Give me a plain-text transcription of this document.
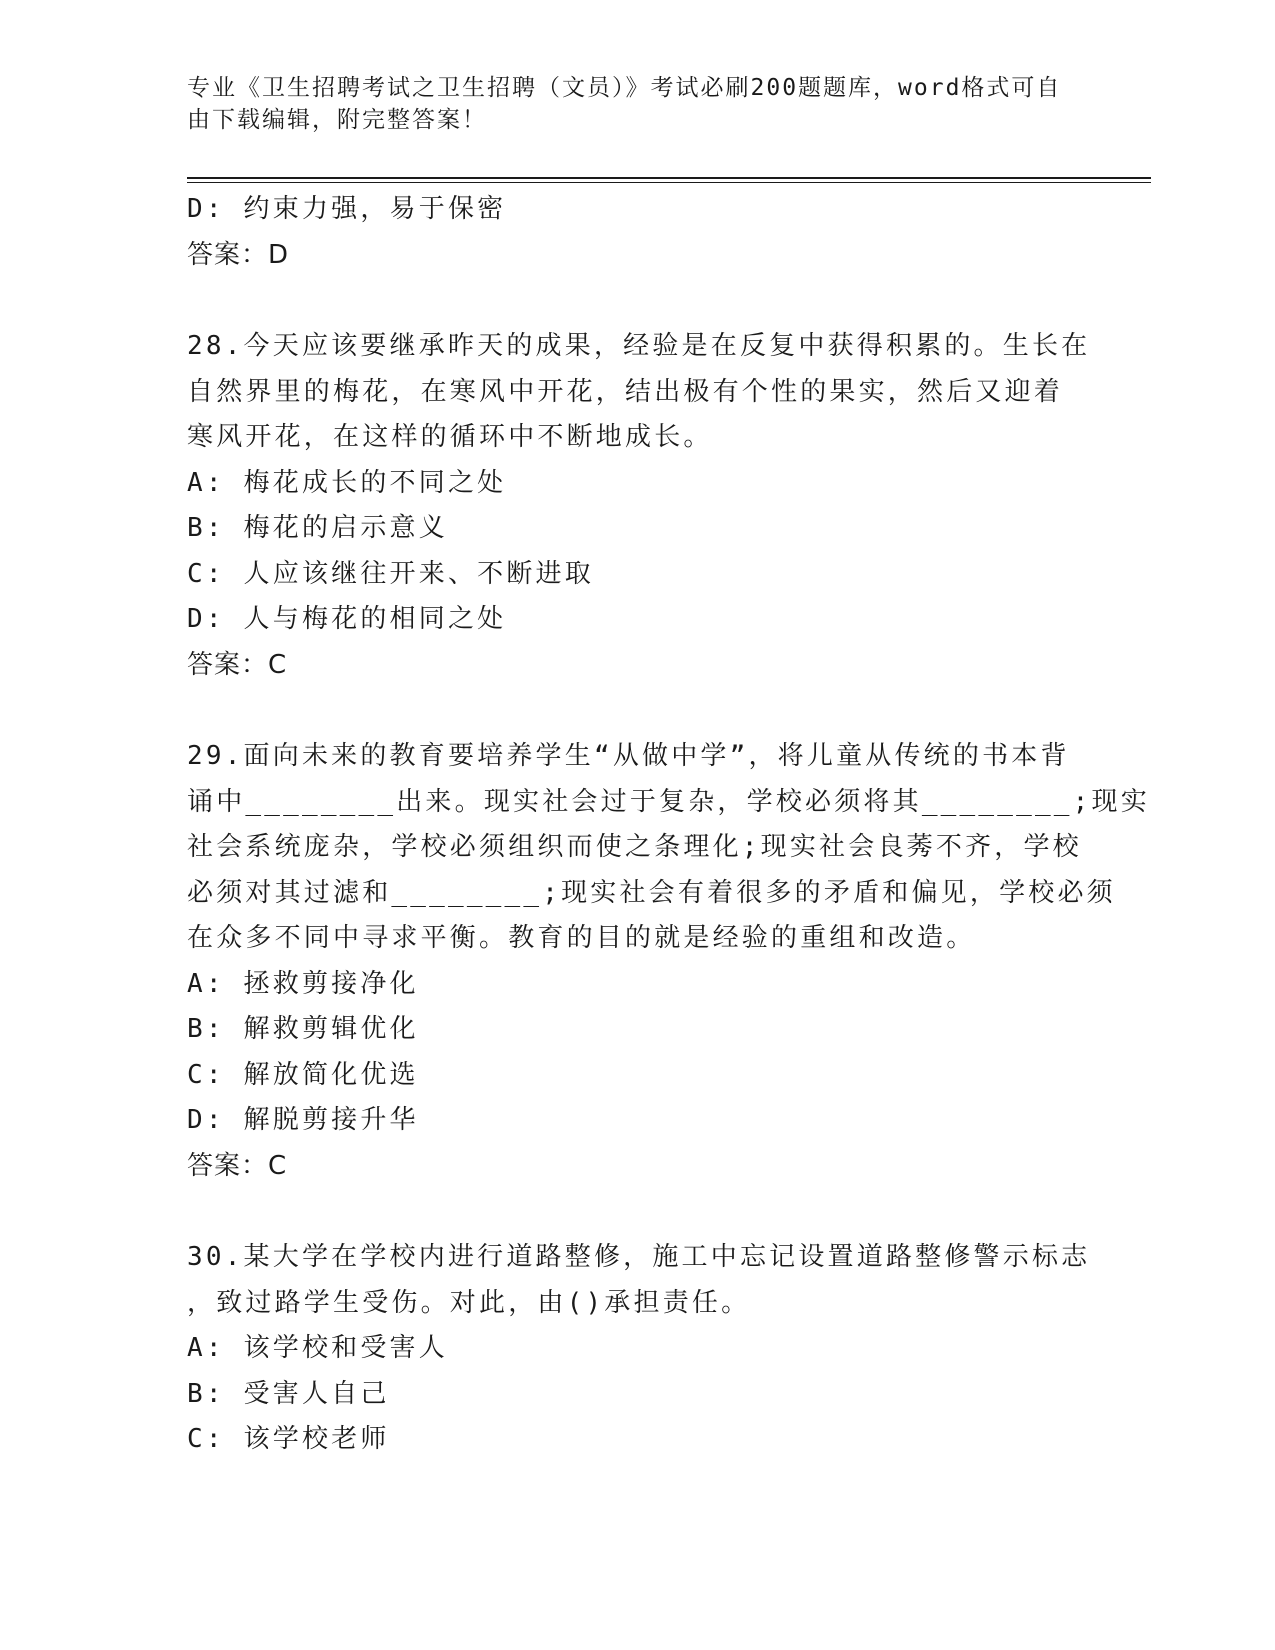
专业《卫生招聘考试之卫生招聘（文员）》考试必刷200题题库，word格式可自
由下载编辑，附完整答案！
D: 约束力强，易于保密
答案：D
28.今天应该要继承昨天的成果，经验是在反复中获得积累的。生长在
自然界里的梅花，在寒风中开花，结出极有个性的果实，然后又迎着
寒风开花，在这样的循环中不断地成长。
A: 梅花成长的不同之处
B: 梅花的启示意义
C: 人应该继往开来、不断进取
D: 人与梅花的相同之处
答案：C
29.面向未来的教育要培养学生“从做中学”，将儿童从传统的书本背
诵中________出来。现实社会过于复杂，学校必须将其________;现实
社会系统庞杂，学校必须组织而使之条理化;现实社会良莠不齐，学校
必须对其过滤和________;现实社会有着很多的矛盾和偏见，学校必须
在众多不同中寻求平衡。教育的目的就是经验的重组和改造。
A: 拯救剪接净化
B: 解救剪辑优化
C: 解放简化优选
D: 解脱剪接升华
答案：C
30.某大学在学校内进行道路整修，施工中忘记设置道路整修警示标志
，致过路学生受伤。对此，由()承担责任。
A: 该学校和受害人
B: 受害人自己
C: 该学校老师
